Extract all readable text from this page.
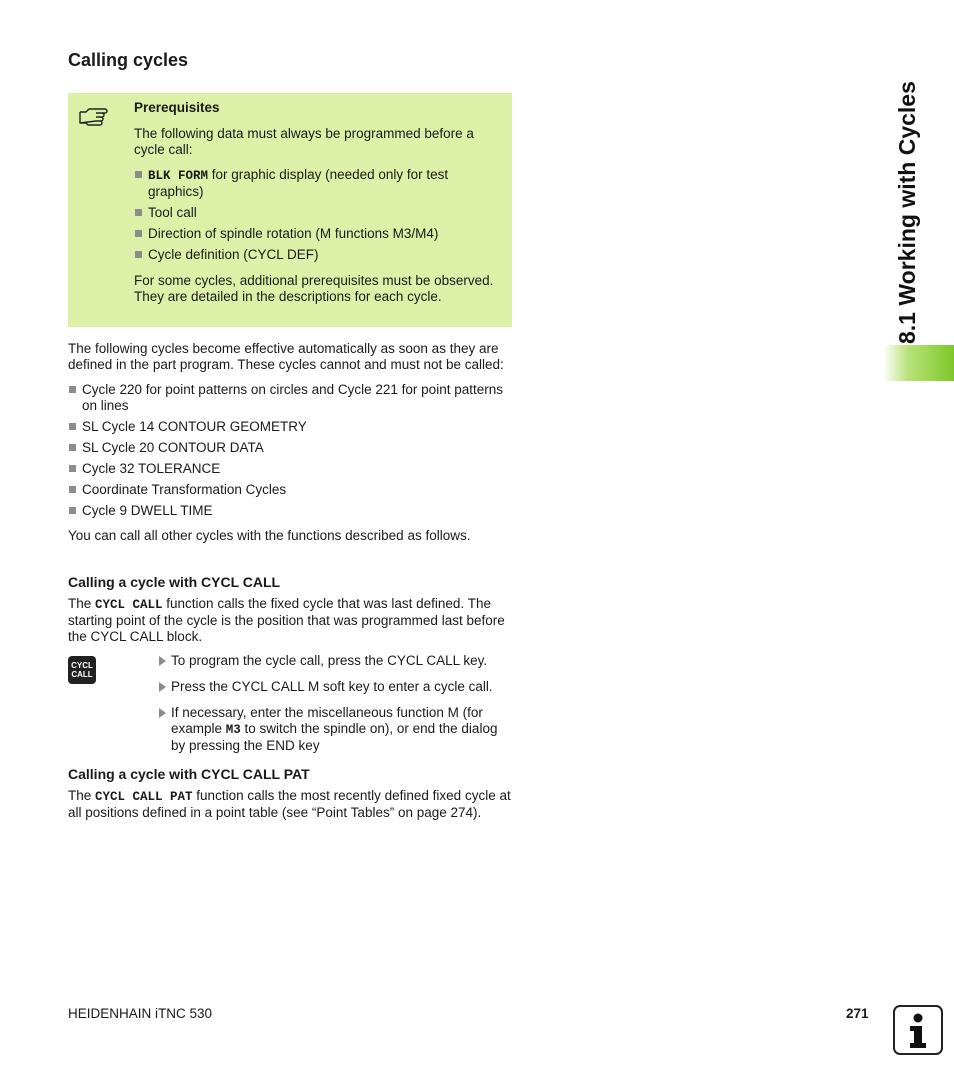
Calling cycles

Prerequisites

The following data must always be programmed before a cycle call:

BLK FORM for graphic display (needed only for test graphics)
Tool call
Direction of spindle rotation (M functions M3/M4)
Cycle definition (CYCL DEF)

For some cycles, additional prerequisites must be observed. They are detailed in the descriptions for each cycle.

The following cycles become effective automatically as soon as they are defined in the part program. These cycles cannot and must not be called:

Cycle 220 for point patterns on circles and Cycle 221 for point patterns on lines
SL Cycle 14 CONTOUR GEOMETRY
SL Cycle 20 CONTOUR DATA
Cycle 32 TOLERANCE
Coordinate Transformation Cycles
Cycle 9 DWELL TIME

You can call all other cycles with the functions described as follows.

Calling a cycle with CYCL CALL

The CYCL CALL function calls the fixed cycle that was last defined. The starting point of the cycle is the position that was programmed last before the CYCL CALL block.

CYCL
CALL
To program the cycle call, press the CYCL CALL key.
Press the CYCL CALL M soft key to enter a cycle call.
If necessary, enter the miscellaneous function M (for example M3 to switch the spindle on), or end the dialog by pressing the END key
Calling a cycle with CYCL CALL PAT

The CYCL CALL PAT function calls the most recently defined fixed cycle at all positions defined in a point table (see “Point Tables” on page 274).

8.1 Working with Cycles
HEIDENHAIN iTNC 530	271
